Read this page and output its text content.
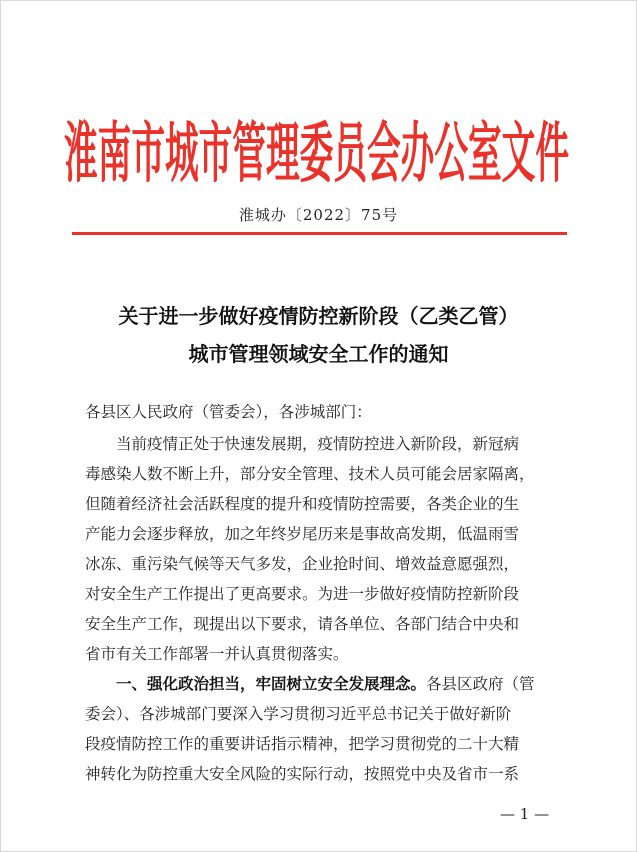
淮南市城市管理委员会办公室文件
淮城办〔2022〕75号
关于进一步做好疫情防控新阶段（乙类乙管）
城市管理领域安全工作的通知
各县区人民政府（管委会），各涉城部门：
当前疫情正处于快速发展期，疫情防控进入新阶段，新冠病
毒感染人数不断上升，部分安全管理、技术人员可能会居家隔离，
但随着经济社会活跃程度的提升和疫情防控需要，各类企业的生
产能力会逐步释放，加之年终岁尾历来是事故高发期，低温雨雪
冰冻、重污染气候等天气多发，企业抢时间、增效益意愿强烈，
对安全生产工作提出了更高要求。为进一步做好疫情防控新阶段
安全生产工作，现提出以下要求，请各单位、各部门结合中央和
省市有关工作部署一并认真贯彻落实。
一、强化政治担当，牢固树立安全发展理念。各县区政府（管
委会）、各涉城部门要深入学习贯彻习近平总书记关于做好新阶
段疫情防控工作的重要讲话指示精神，把学习贯彻党的二十大精
神转化为防控重大安全风险的实际行动，按照党中央及省市一系
— 1 —
